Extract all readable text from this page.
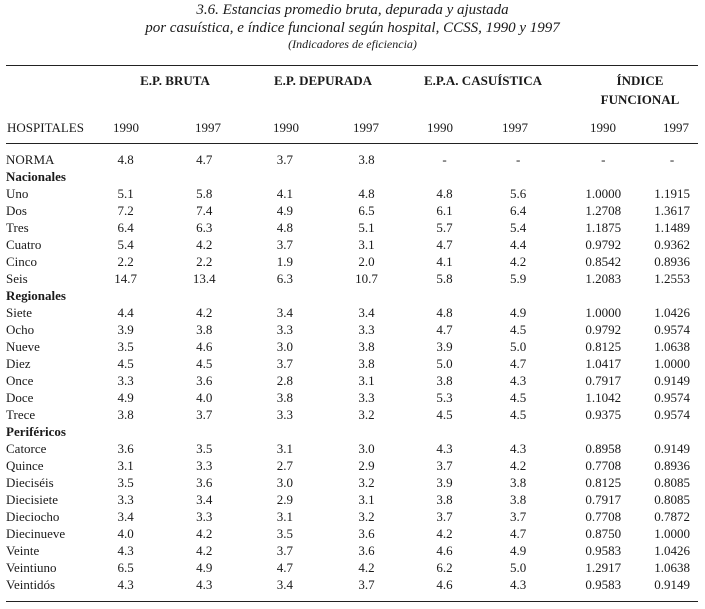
3.6. Estancias promedio bruta, depurada y ajustada
por casuística, e índice funcional según hospital, CCSS, 1990 y 1997
(Indicadores de eficiencia)
E.P. BRUTA	E.P. DEPURADA	E.P.A. CASUÍSTICA	ÍNDICE
FUNCIONAL
HOSPITALES	1990	1997	1990	1997	1990	1997	1990	1997
NORMA	4.8	4.7	3.7	3.8	-	-	-	-
Nacionales								
Uno	5.1	5.8	4.1	4.8	4.8	5.6	1.0000	1.1915
Dos	7.2	7.4	4.9	6.5	6.1	6.4	1.2708	1.3617
Tres	6.4	6.3	4.8	5.1	5.7	5.4	1.1875	1.1489
Cuatro	5.4	4.2	3.7	3.1	4.7	4.4	0.9792	0.9362
Cinco	2.2	2.2	1.9	2.0	4.1	4.2	0.8542	0.8936
Seis	14.7	13.4	6.3	10.7	5.8	5.9	1.2083	1.2553
Regionales								
Siete	4.4	4.2	3.4	3.4	4.8	4.9	1.0000	1.0426
Ocho	3.9	3.8	3.3	3.3	4.7	4.5	0.9792	0.9574
Nueve	3.5	4.6	3.0	3.8	3.9	5.0	0.8125	1.0638
Diez	4.5	4.5	3.7	3.8	5.0	4.7	1.0417	1.0000
Once	3.3	3.6	2.8	3.1	3.8	4.3	0.7917	0.9149
Doce	4.9	4.0	3.8	3.3	5.3	4.5	1.1042	0.9574
Trece	3.8	3.7	3.3	3.2	4.5	4.5	0.9375	0.9574
Periféricos								
Catorce	3.6	3.5	3.1	3.0	4.3	4.3	0.8958	0.9149
Quince	3.1	3.3	2.7	2.9	3.7	4.2	0.7708	0.8936
Dieciséis	3.5	3.6	3.0	3.2	3.9	3.8	0.8125	0.8085
Diecisiete	3.3	3.4	2.9	3.1	3.8	3.8	0.7917	0.8085
Dieciocho	3.4	3.3	3.1	3.2	3.7	3.7	0.7708	0.7872
Diecinueve	4.0	4.2	3.5	3.6	4.2	4.7	0.8750	1.0000
Veinte	4.3	4.2	3.7	3.6	4.6	4.9	0.9583	1.0426
Veintiuno	6.5	4.9	4.7	4.2	6.2	5.0	1.2917	1.0638
Veintidós	4.3	4.3	3.4	3.7	4.6	4.3	0.9583	0.9149
